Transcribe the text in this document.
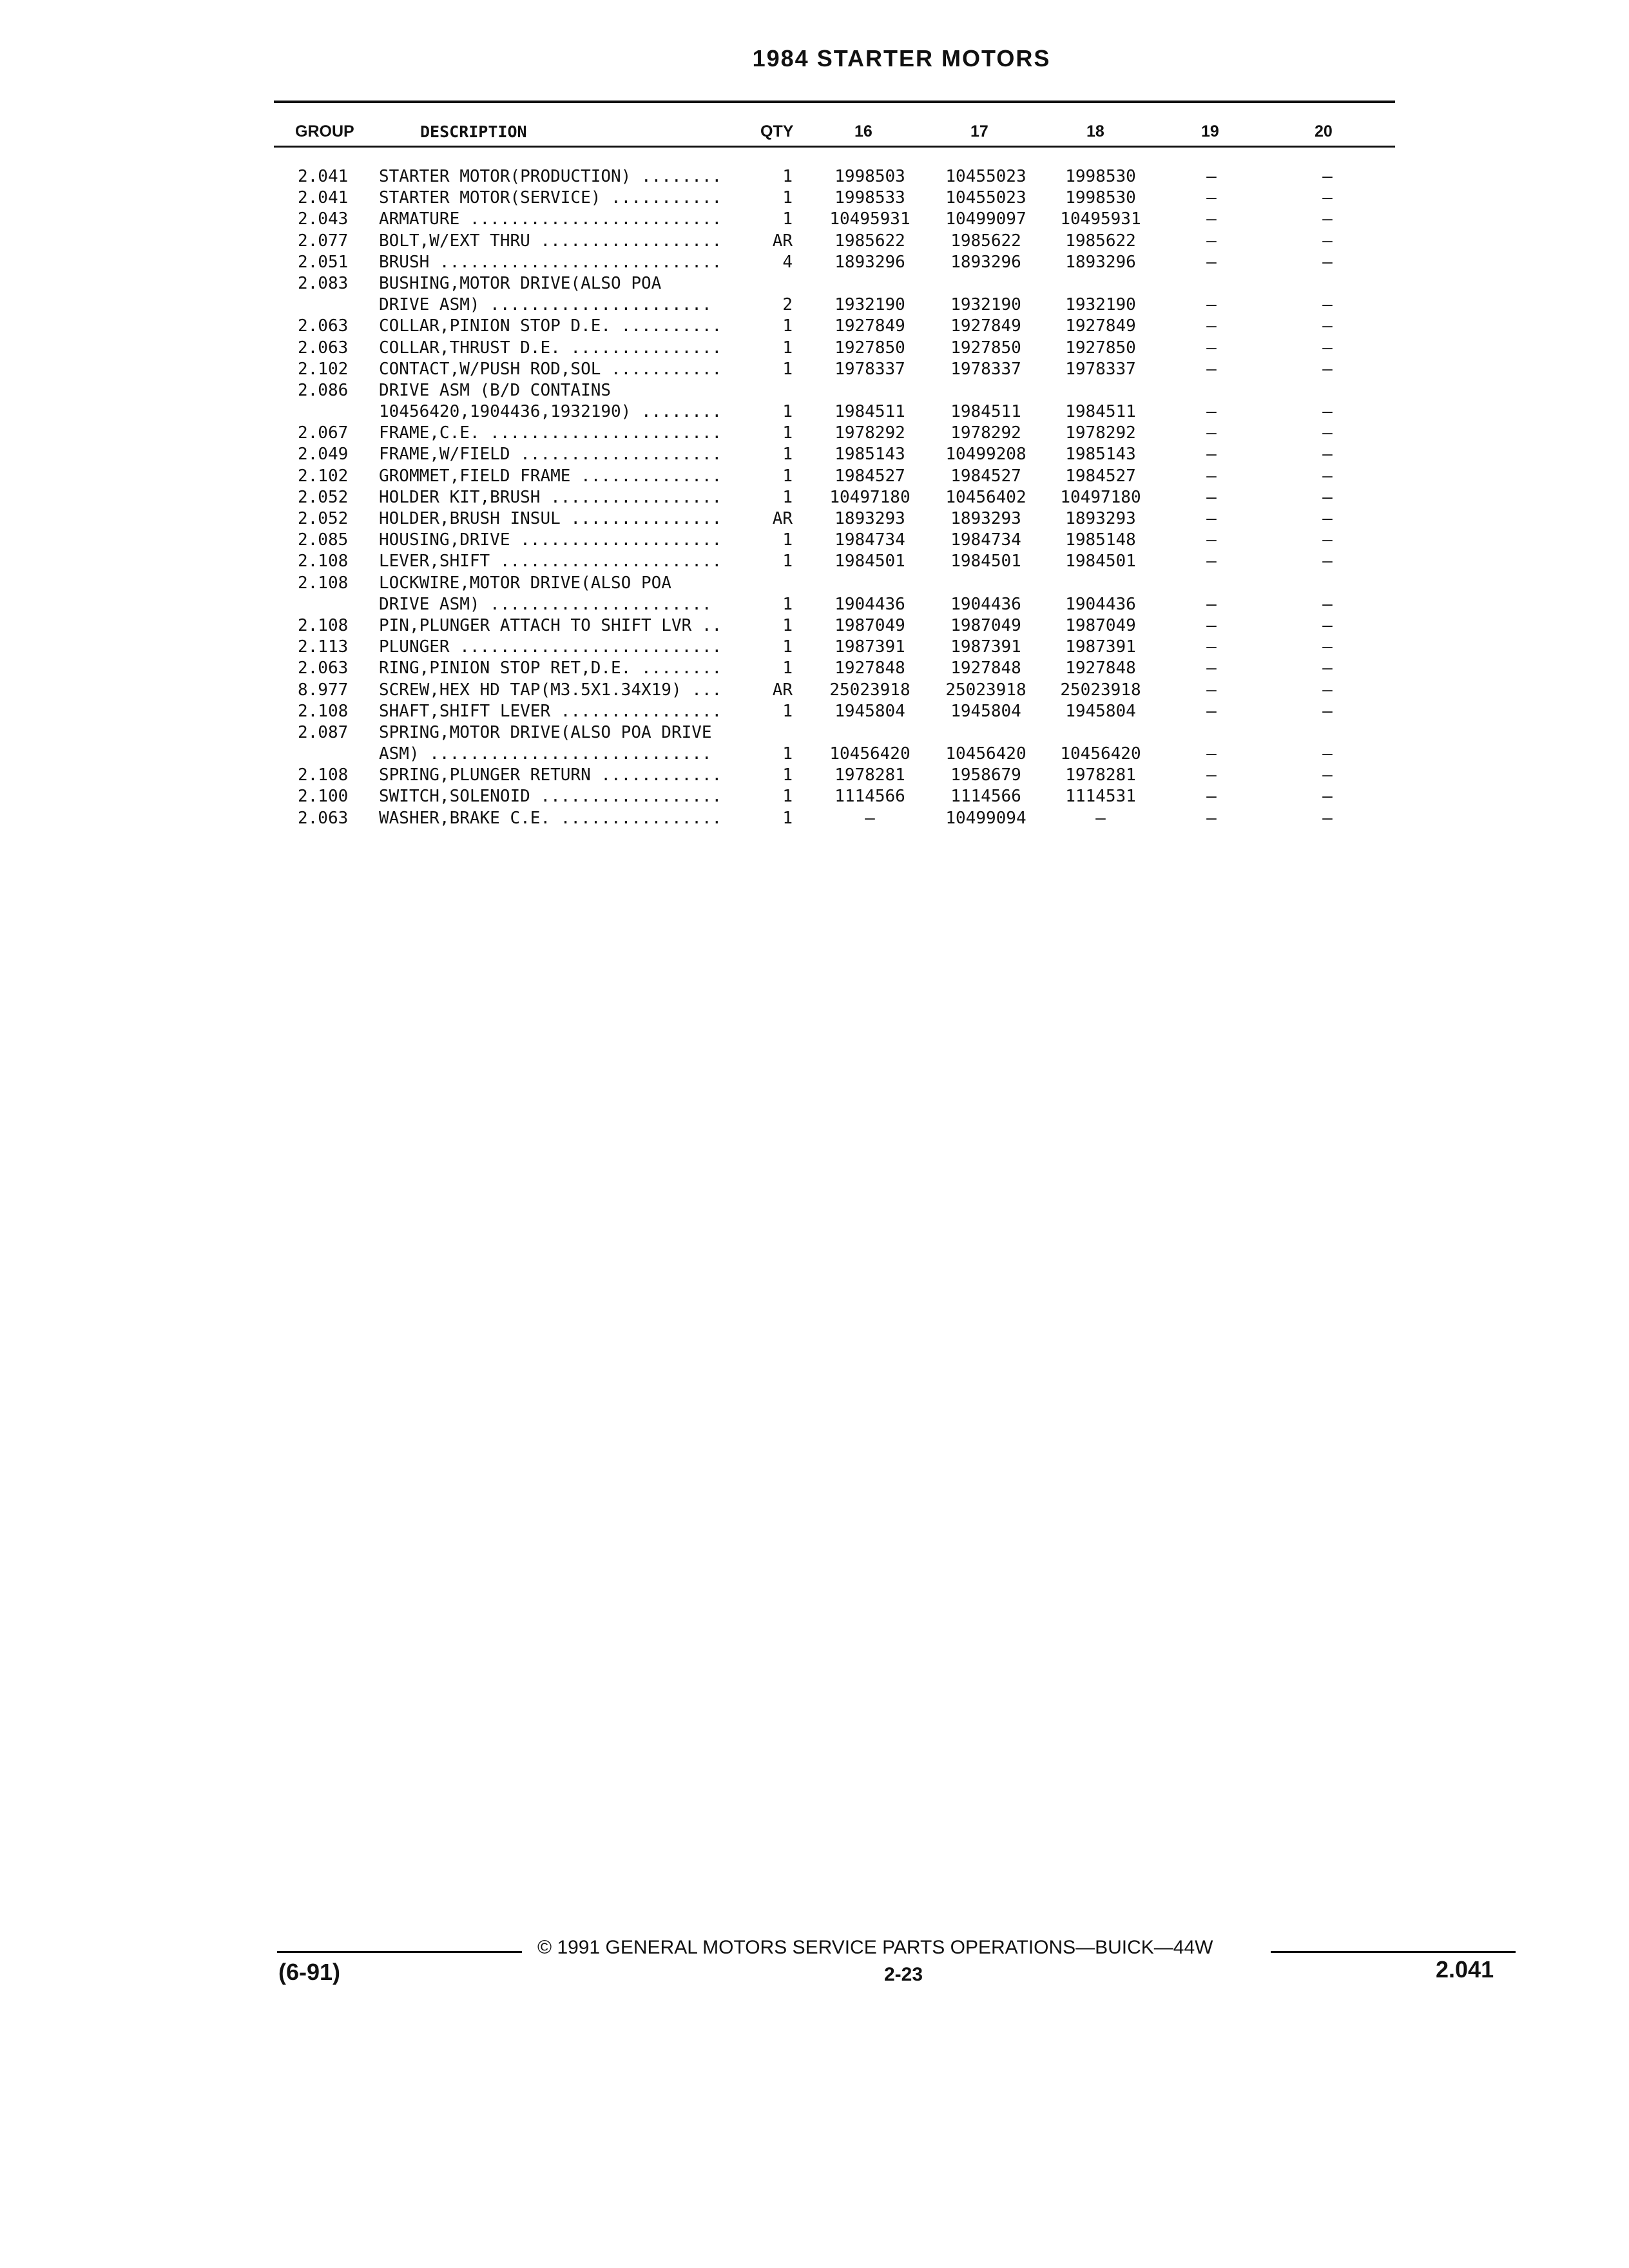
1984 STARTER MOTORS
GROUP	DESCRIPTION	QTY	16	17	18	19	20
2.041 STARTER MOTOR(PRODUCTION) ........	1	1998503	10455023	1998530	—	—
2.041 STARTER MOTOR(SERVICE) ...........	1	1998533	10455023	1998530	—	—
2.043 ARMATURE .........................	1	10495931	10499097	10495931	—	—
2.077 BOLT,W/EXT THRU ..................	AR	1985622	1985622	1985622	—	—
2.051 BRUSH ............................	4	1893296	1893296	1893296	—	—
2.083 BUSHING,MOTOR DRIVE(ALSO POA
DRIVE ASM) ......................	2	1932190	1932190	1932190	—	—
2.063 COLLAR,PINION STOP D.E. ..........	1	1927849	1927849	1927849	—	—
2.063 COLLAR,THRUST D.E. ...............	1	1927850	1927850	1927850	—	—
2.102 CONTACT,W/PUSH ROD,SOL ...........	1	1978337	1978337	1978337	—	—
2.086 DRIVE ASM (B/D CONTAINS
10456420,1904436,1932190) ........	1	1984511	1984511	1984511	—	—
2.067 FRAME,C.E. .......................	1	1978292	1978292	1978292	—	—
2.049 FRAME,W/FIELD ....................	1	1985143	10499208	1985143	—	—
2.102 GROMMET,FIELD FRAME ..............	1	1984527	1984527	1984527	—	—
2.052 HOLDER KIT,BRUSH .................	1	10497180	10456402	10497180	—	—
2.052 HOLDER,BRUSH INSUL ...............	AR	1893293	1893293	1893293	—	—
2.085 HOUSING,DRIVE ....................	1	1984734	1984734	1985148	—	—
2.108 LEVER,SHIFT ......................	1	1984501	1984501	1984501	—	—
2.108 LOCKWIRE,MOTOR DRIVE(ALSO POA
DRIVE ASM) ......................	1	1904436	1904436	1904436	—	—
2.108 PIN,PLUNGER ATTACH TO SHIFT LVR ..	1	1987049	1987049	1987049	—	—
2.113 PLUNGER ..........................	1	1987391	1987391	1987391	—	—
2.063 RING,PINION STOP RET,D.E. ........	1	1927848	1927848	1927848	—	—
8.977 SCREW,HEX HD TAP(M3.5X1.34X19) ...	AR	25023918	25023918	25023918	—	—
2.108 SHAFT,SHIFT LEVER ................	1	1945804	1945804	1945804	—	—
2.087 SPRING,MOTOR DRIVE(ALSO POA DRIVE
ASM) ............................	1	10456420	10456420	10456420	—	—
2.108 SPRING,PLUNGER RETURN ............	1	1978281	1958679	1978281	—	—
2.100 SWITCH,SOLENOID ..................	1	1114566	1114566	1114531	—	—
2.063 WASHER,BRAKE C.E. ................	1	—	10499094	—	—	—
© 1991 GENERAL MOTORS SERVICE PARTS OPERATIONS—BUICK—44W
2-23
(6-91)	2.041
